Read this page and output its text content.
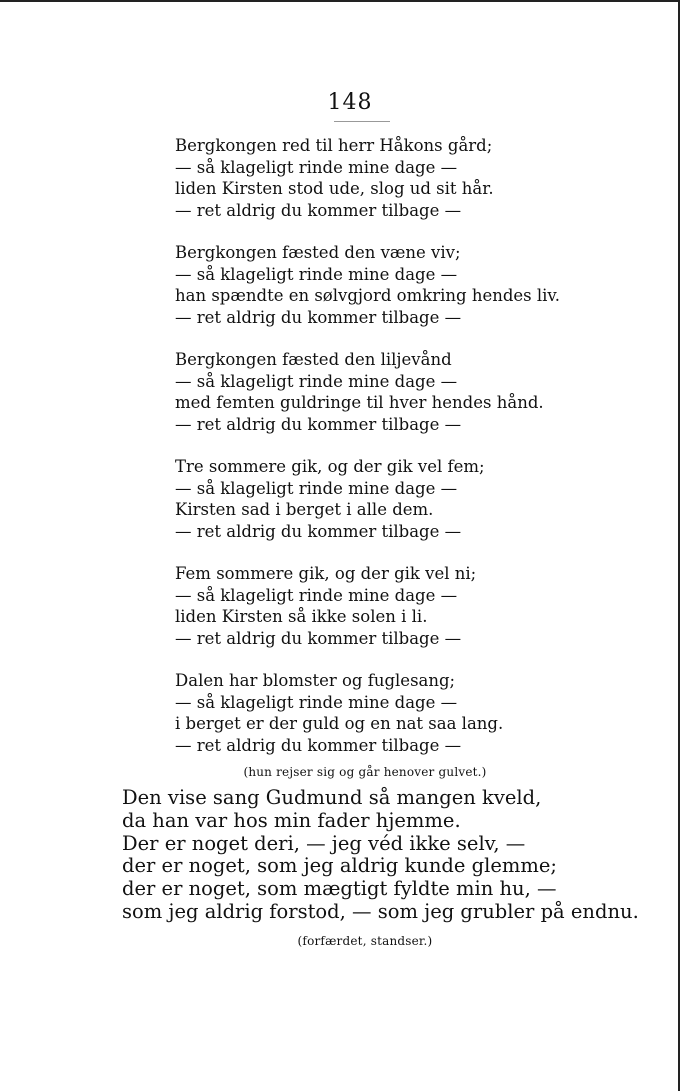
148
Bergkongen red til herr Håkons gård;
— så klageligt rinde mine dage —
liden Kirsten stod ude, slog ud sit hår.
— ret aldrig du kommer tilbage —
Bergkongen fæsted den væne viv;
— så klageligt rinde mine dage —
han spændte en sølvgjord omkring hendes liv.
— ret aldrig du kommer tilbage —
Bergkongen fæsted den liljevånd
— så klageligt rinde mine dage —
med femten guldringe til hver hendes hånd.
— ret aldrig du kommer tilbage —
Tre sommere gik, og der gik vel fem;
— så klageligt rinde mine dage —
Kirsten sad i berget i alle dem.
— ret aldrig du kommer tilbage —
Fem sommere gik, og der gik vel ni;
— så klageligt rinde mine dage —
liden Kirsten så ikke solen i li.
— ret aldrig du kommer tilbage —
Dalen har blomster og fuglesang;
— så klageligt rinde mine dage —
i berget er der guld og en nat saa lang.
— ret aldrig du kommer tilbage —
(hun rejser sig og går henover gulvet.)
Den vise sang Gudmund så mangen kveld,
da han var hos min fader hjemme.
Der er noget deri, — jeg véd ikke selv, —
der er noget, som jeg aldrig kunde glemme;
der er noget, som mægtigt fyldte min hu, —
som jeg aldrig forstod, — som jeg grubler på endnu.
(forfærdet, standser.)
